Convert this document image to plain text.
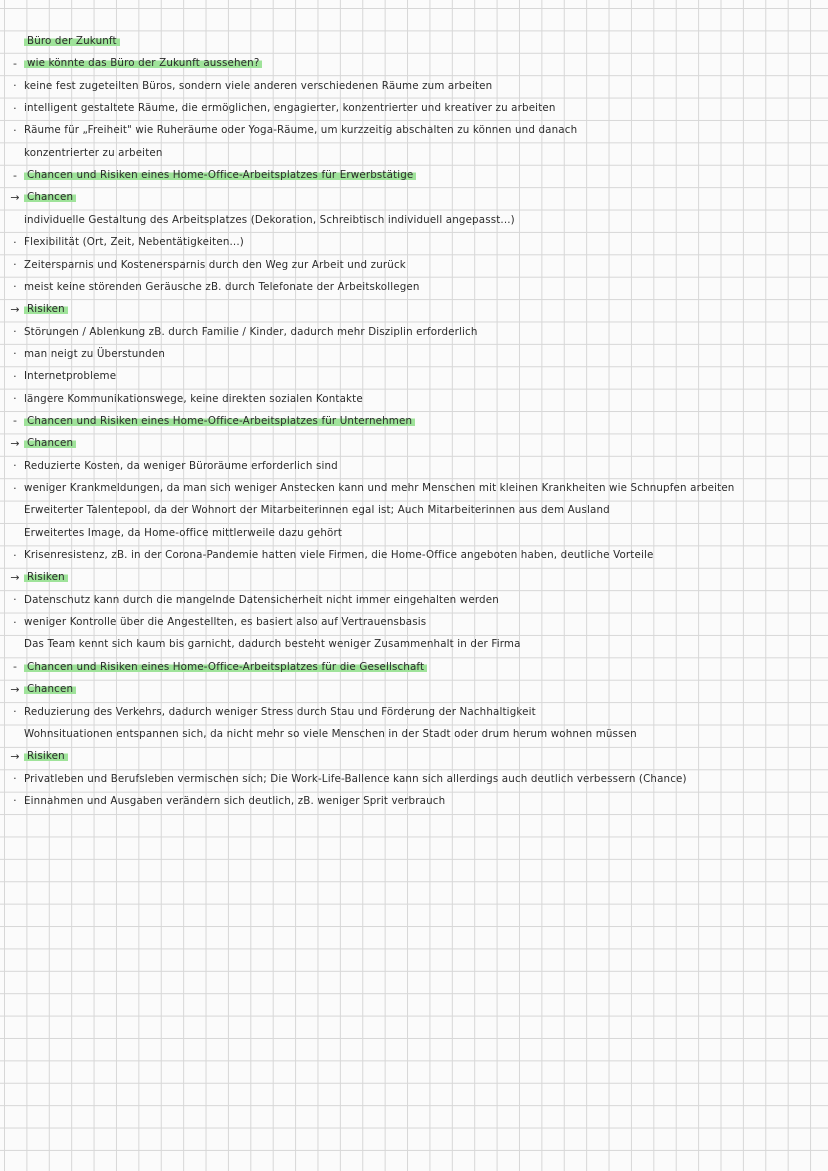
Büro der Zukunft
- wie könnte das Büro der Zukunft aussehen?
· keine fest zugeteilten Büros, sondern viele anderen verschiedenen Räume zum arbeiten
· intelligent gestaltete Räume, die ermöglichen, engagierter, konzentrierter und kreativer zu arbeiten
· Räume für „Freiheit" wie Ruheräume oder Yoga-Räume, um kurzzeitig abschalten zu können und danach
konzentrierter zu arbeiten
- Chancen und Risiken eines Home-Office-Arbeitsplatzes für Erwerbstätige
→ Chancen
individuelle Gestaltung des Arbeitsplatzes (Dekoration, Schreibtisch individuell angepasst...)
· Flexibilität (Ort, Zeit, Nebentätigkeiten...)
· Zeitersparnis und Kostenersparnis durch den Weg zur Arbeit und zurück
· meist keine störenden Geräusche zB. durch Telefonate der Arbeitskollegen
→ Risiken
· Störungen / Ablenkung zB. durch Familie / Kinder, dadurch mehr Disziplin erforderlich
· man neigt zu Überstunden
· Internetprobleme
· längere Kommunikationswege, keine direkten sozialen Kontakte
- Chancen und Risiken eines Home-Office-Arbeitsplatzes für Unternehmen
→ Chancen
· Reduzierte Kosten, da weniger Büroräume erforderlich sind
· weniger Krankmeldungen, da man sich weniger Anstecken kann und mehr Menschen mit kleinen Krankheiten wie Schnupfen arbeiten
Erweiterter Talentepool, da der Wohnort der Mitarbeiterinnen egal ist; Auch Mitarbeiterinnen aus dem Ausland
Erweitertes Image, da Home-office mittlerweile dazu gehört
· Krisenresistenz, zB. in der Corona-Pandemie hatten viele Firmen, die Home-Office angeboten haben, deutliche Vorteile
→ Risiken
· Datenschutz kann durch die mangelnde Datensicherheit nicht immer eingehalten werden
· weniger Kontrolle über die Angestellten, es basiert also auf Vertrauensbasis
Das Team kennt sich kaum bis garnicht, dadurch besteht weniger Zusammenhalt in der Firma
- Chancen und Risiken eines Home-Office-Arbeitsplatzes für die Gesellschaft
→ Chancen
· Reduzierung des Verkehrs, dadurch weniger Stress durch Stau und Förderung der Nachhaltigkeit
Wohnsituationen entspannen sich, da nicht mehr so viele Menschen in der Stadt oder drum herum wohnen müssen
→ Risiken
· Privatleben und Berufsleben vermischen sich; Die Work-Life-Ballence kann sich allerdings auch deutlich verbessern (Chance)
· Einnahmen und Ausgaben verändern sich deutlich, zB. weniger Sprit verbrauch
